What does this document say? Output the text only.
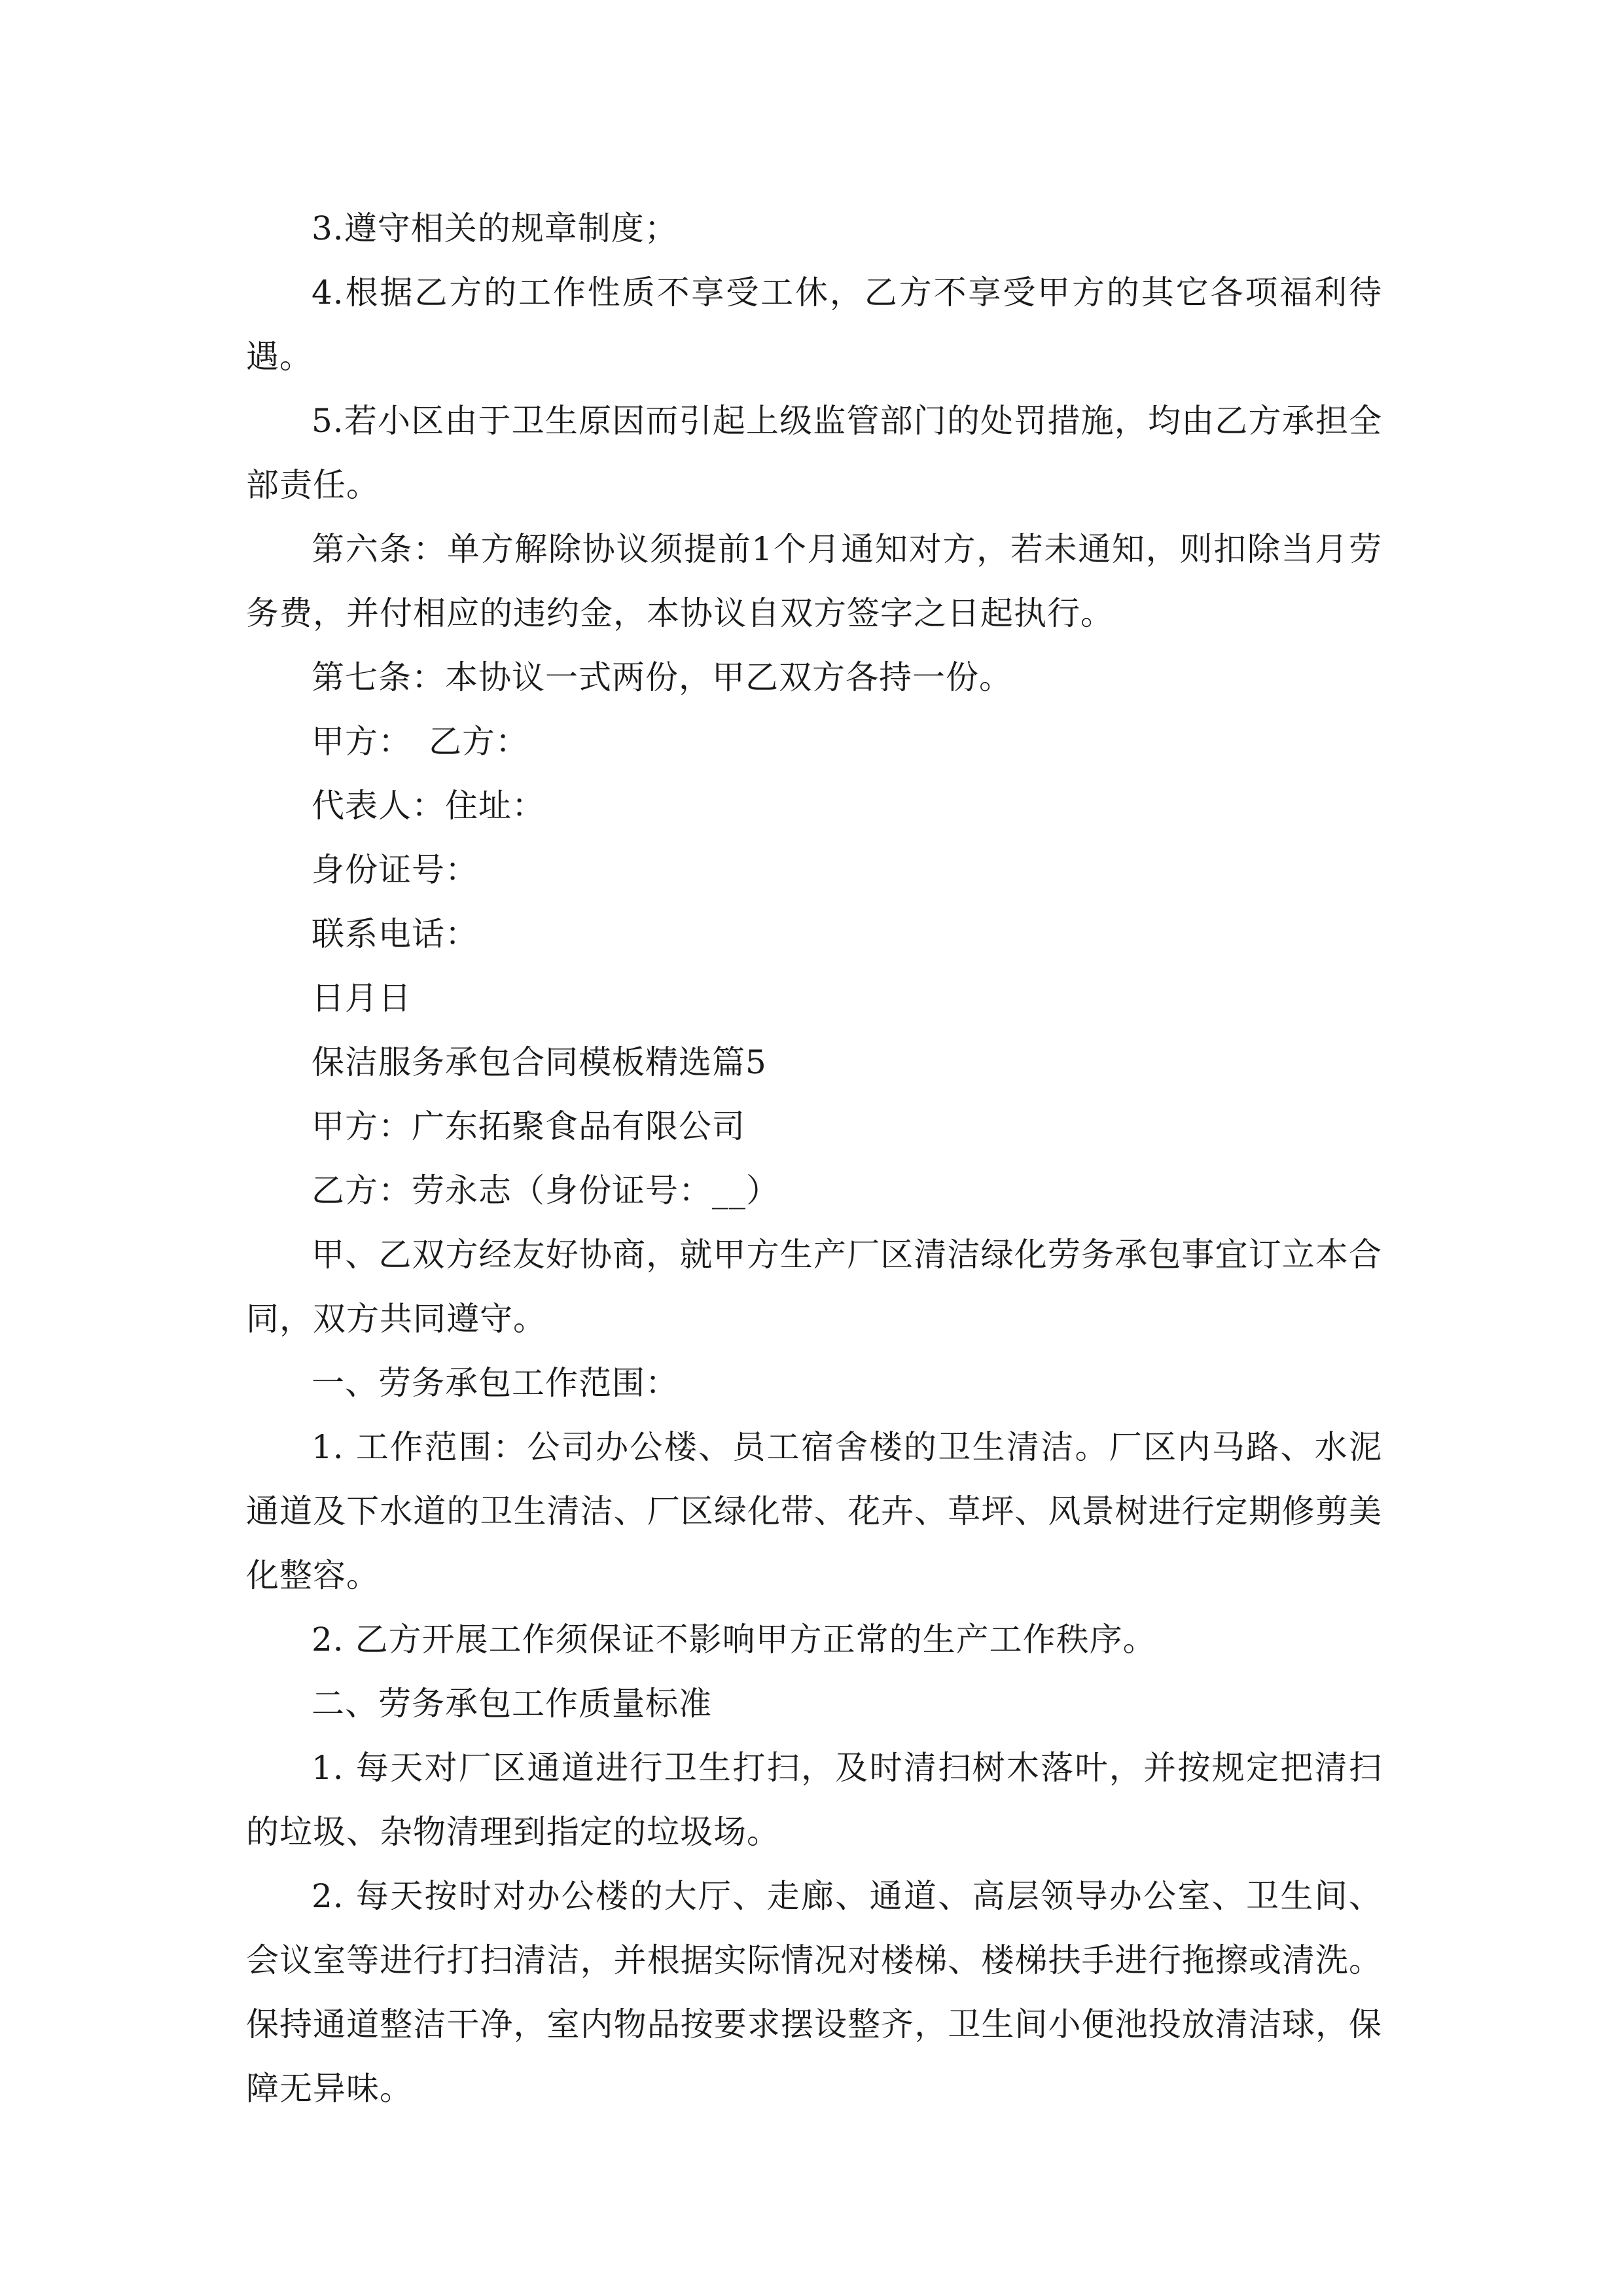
3.遵守相关的规章制度；

4.根据乙方的工作性质不享受工休，乙方不享受甲方的其它各项福利待遇。

5.若小区由于卫生原因而引起上级监管部门的处罚措施，均由乙方承担全部责任。

第六条：单方解除协议须提前1个月通知对方，若未通知，则扣除当月劳务费，并付相应的违约金，本协议自双方签字之日起执行。

第七条：本协议一式两份，甲乙双方各持一份。

甲方：　乙方：

代表人：住址：

身份证号：

联系电话：

日月日

保洁服务承包合同模板精选篇5

甲方：广东拓聚食品有限公司

乙方：劳永志（身份证号：__）

甲、乙双方经友好协商，就甲方生产厂区清洁绿化劳务承包事宜订立本合同，双方共同遵守。

一、劳务承包工作范围：

1. 工作范围：公司办公楼、员工宿舍楼的卫生清洁。厂区内马路、水泥通道及下水道的卫生清洁、厂区绿化带、花卉、草坪、风景树进行定期修剪美化整容。

2. 乙方开展工作须保证不影响甲方正常的生产工作秩序。

二、劳务承包工作质量标准

1. 每天对厂区通道进行卫生打扫，及时清扫树木落叶，并按规定把清扫的垃圾、杂物清理到指定的垃圾场。

2. 每天按时对办公楼的大厅、走廊、通道、高层领导办公室、卫生间、会议室等进行打扫清洁，并根据实际情况对楼梯、楼梯扶手进行拖擦或清洗。保持通道整洁干净，室内物品按要求摆设整齐，卫生间小便池投放清洁球，保障无异味。
